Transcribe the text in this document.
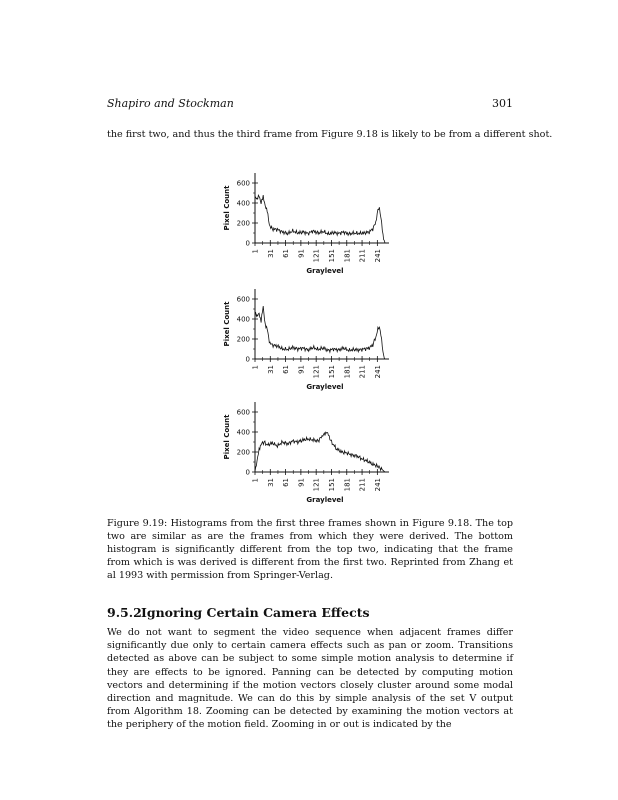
Shapiro and Stockman	301
the first two, and thus the third frame from Figure 9.18 is likely to be from a different shot.
0
200
400
600
1 31 61 91 121 151 181 211 241
Pixel Count
Graylevel
0
200
400
600
1 31 61 91 121 151 181 211 241
Pixel Count
Graylevel
0
200
400
600
1 31 61 91 121 151 181 211 241
Pixel Count
Graylevel
Figure 9.19: Histograms from the first three frames shown in Figure 9.18. The top two are similar as are the frames from which they were derived. The bottom histogram is significantly different from the top two, indicating that the frame from which is was derived is different from the first two. Reprinted from Zhang et al 1993 with permission from Springer-Verlag.
9.5.2Ignoring Certain Camera Effects
We do not want to segment the video sequence when adjacent frames differ significantly due only to certain camera effects such as pan or zoom. Transitions detected as above can be subject to some simple motion analysis to determine if they are effects to be ignored. Panning can be detected by computing motion vectors and determining if the motion vectors closely cluster around some modal direction and magnitude. We can do this by simple analysis of the set V output from Algorithm 18. Zooming can be detected by examining the motion vectors at the periphery of the motion field. Zooming in or out is indicated by the
